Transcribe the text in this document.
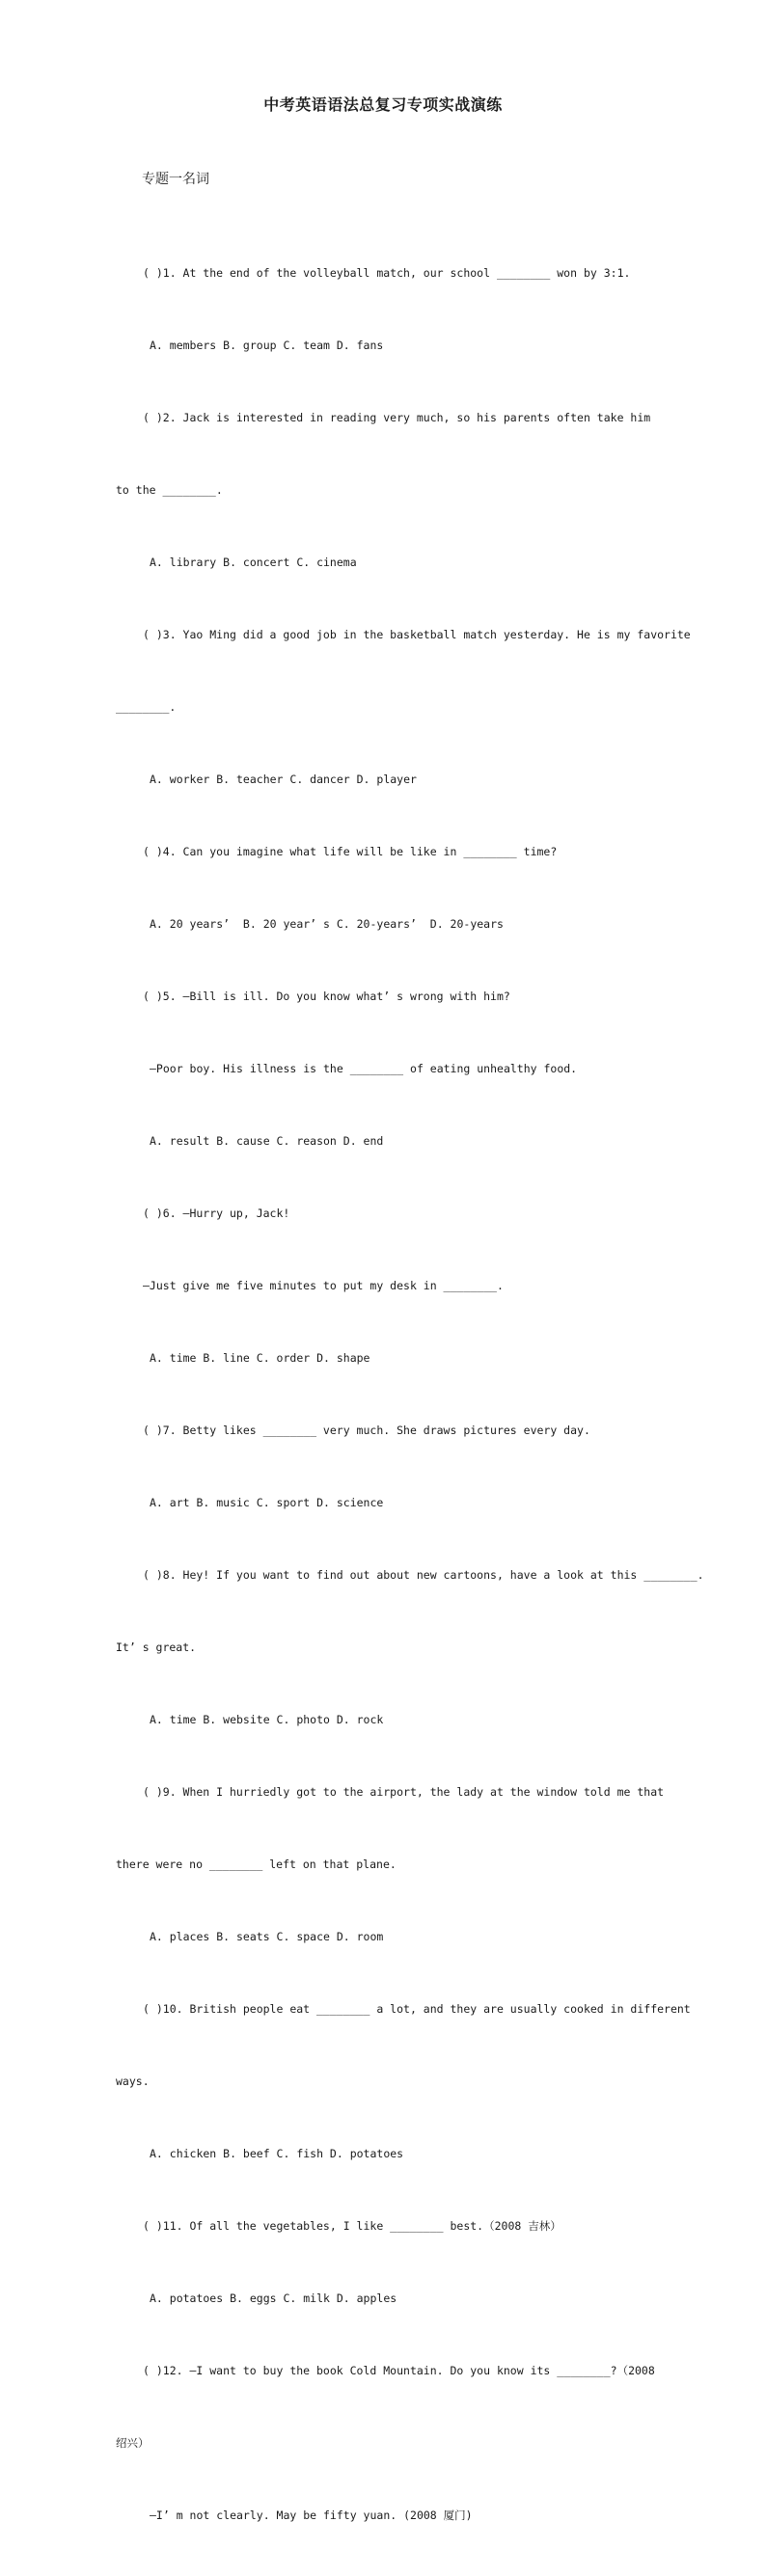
中考英语语法总复习专项实战演练
专题一名词

( )1. At the end of the volleyball match, our school ________ won by 3:1.

A. members B. group C. team D. fans

( )2. Jack is interested in reading very much, so his parents often take him

to the ________.

A. library B. concert C. cinema

( )3. Yao Ming did a good job in the basketball match yesterday. He is my favorite

________.

A. worker B. teacher C. dancer D. player

( )4. Can you imagine what life will be like in ________ time?

A. 20 years’  B. 20 year’ s C. 20-years’  D. 20-years

( )5. —Bill is ill. Do you know what’ s wrong with him?

—Poor boy. His illness is the ________ of eating unhealthy food.

A. result B. cause C. reason D. end

( )6. —Hurry up, Jack!

—Just give me five minutes to put my desk in ________.

A. time B. line C. order D. shape

( )7. Betty likes ________ very much. She draws pictures every day.

A. art B. music C. sport D. science

( )8. Hey! If you want to find out about new cartoons, have a look at this ________.

It’ s great.

A. time B. website C. photo D. rock

( )9. When I hurriedly got to the airport, the lady at the window told me that

there were no ________ left on that plane.

A. places B. seats C. space D. room

( )10. British people eat ________ a lot, and they are usually cooked in different

ways.

A. chicken B. beef C. fish D. potatoes

( )11. Of all the vegetables, I like ________ best.（2008 吉林）

A. potatoes B. eggs C. milk D. apples

( )12. —I want to buy the book Cold Mountain. Do you know its ________?（2008

绍兴）

—I’ m not clearly. May be fifty yuan. (2008 厦门)
